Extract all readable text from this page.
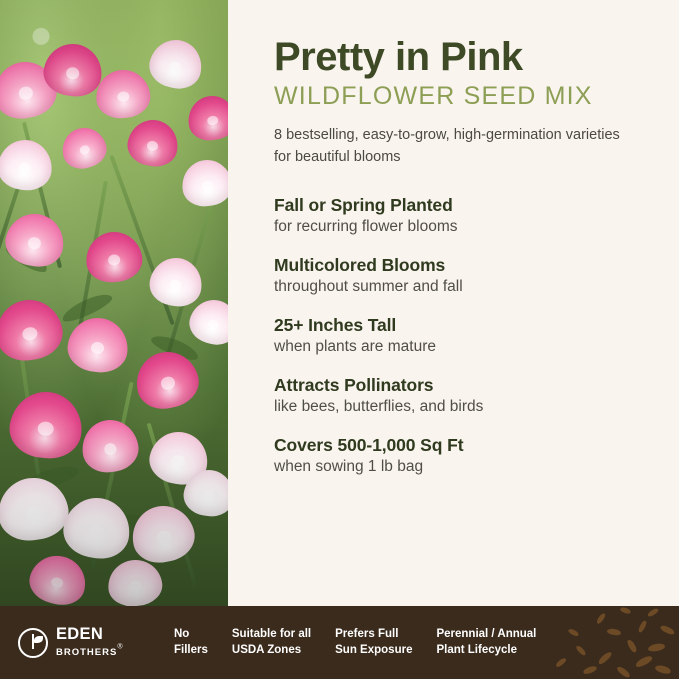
Pretty in Pink
WILDFLOWER SEED MIX

8 bestselling, easy-to-grow, high-germination varieties for beautiful blooms

Fall or Spring Planted

for recurring flower blooms

Multicolored Blooms

throughout summer and fall

25+ Inches Tall

when plants are mature

Attracts Pollinators

like bees, butterflies, and birds

Covers 500-1,000 Sq Ft

when sowing 1 lb bag

EDEN
BROTHERS®
No
Fillers
Suitable for all
USDA Zones
Prefers Full
Sun Exposure
Perennial / Annual
Plant Lifecycle
